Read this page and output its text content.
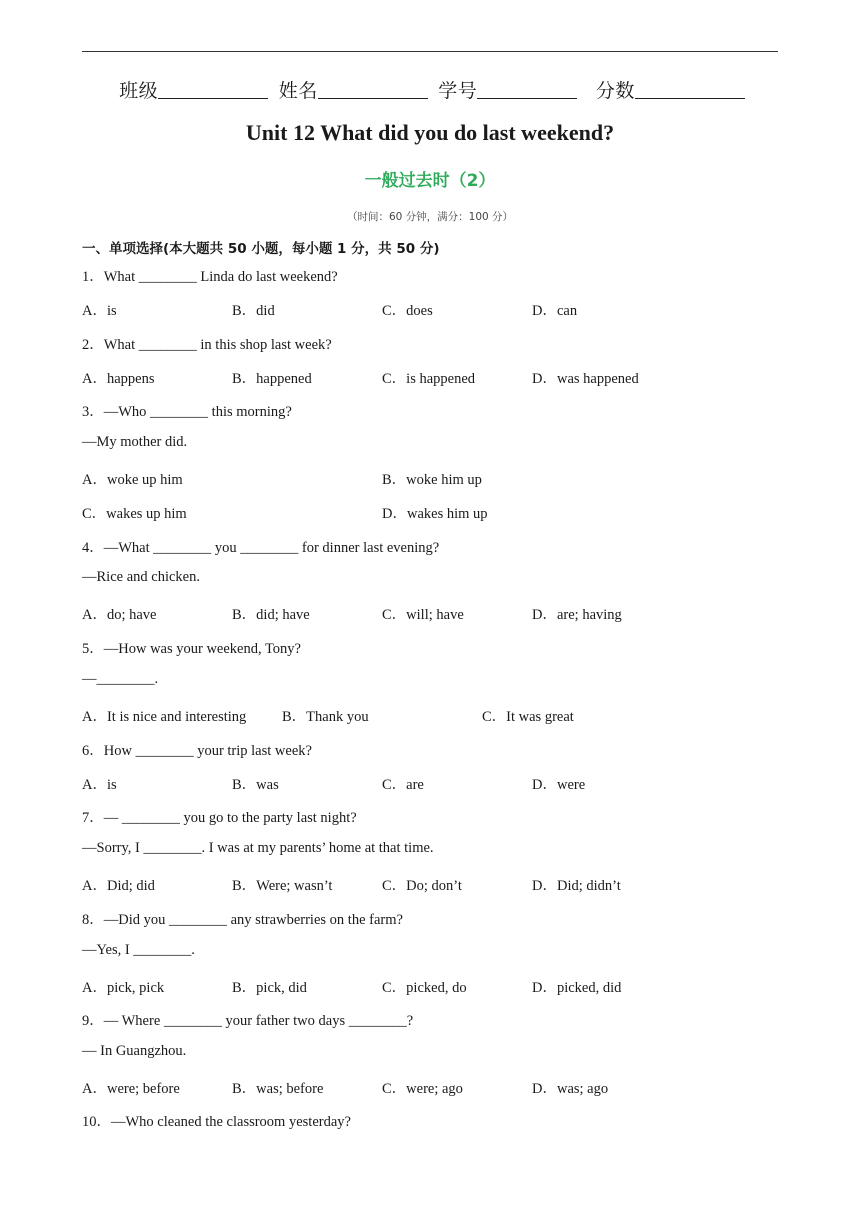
班级	姓名	学号	分数
Unit 12 What did you do last weekend?
一般过去时（2）
（时间：60 分钟，满分：100 分）
一、单项选择(本大题共 50 小题，每小题 1 分，共 50 分)
1．What ________ Linda do last weekend?
A．is	B．did	C．does	D．can
2．What ________ in this shop last week?
A．happens	B．happened	C．is happened	D．was happened
3．—Who ________ this morning?
—My mother did.
A．woke up him	B．woke him up
C．wakes up him	D．wakes him up
4．—What ________ you ________ for dinner last evening?
—Rice and chicken.
A．do; have	B．did; have	C．will; have	D．are; having
5．—How was your weekend, Tony?
—________.
A．It is nice and interesting B．Thank you	C．It was great
6．How ________ your trip last week?
A．is	B．was	C．are	D．were
7．— ________ you go to the party last night?
—Sorry, I ________. I was at my parents’ home at that time.
A．Did; did	B．Were; wasn’t	C．Do; don’t	D．Did; didn’t
8．—Did you ________ any strawberries on the farm?
—Yes, I ________.
A．pick, pick	B．pick, did	C．picked, do	D．picked, did
9．— Where ________ your father two days ________?
— In Guangzhou.
A．were; before	B．was; before	C．were; ago	D．was; ago
10．—Who cleaned the classroom yesterday?
